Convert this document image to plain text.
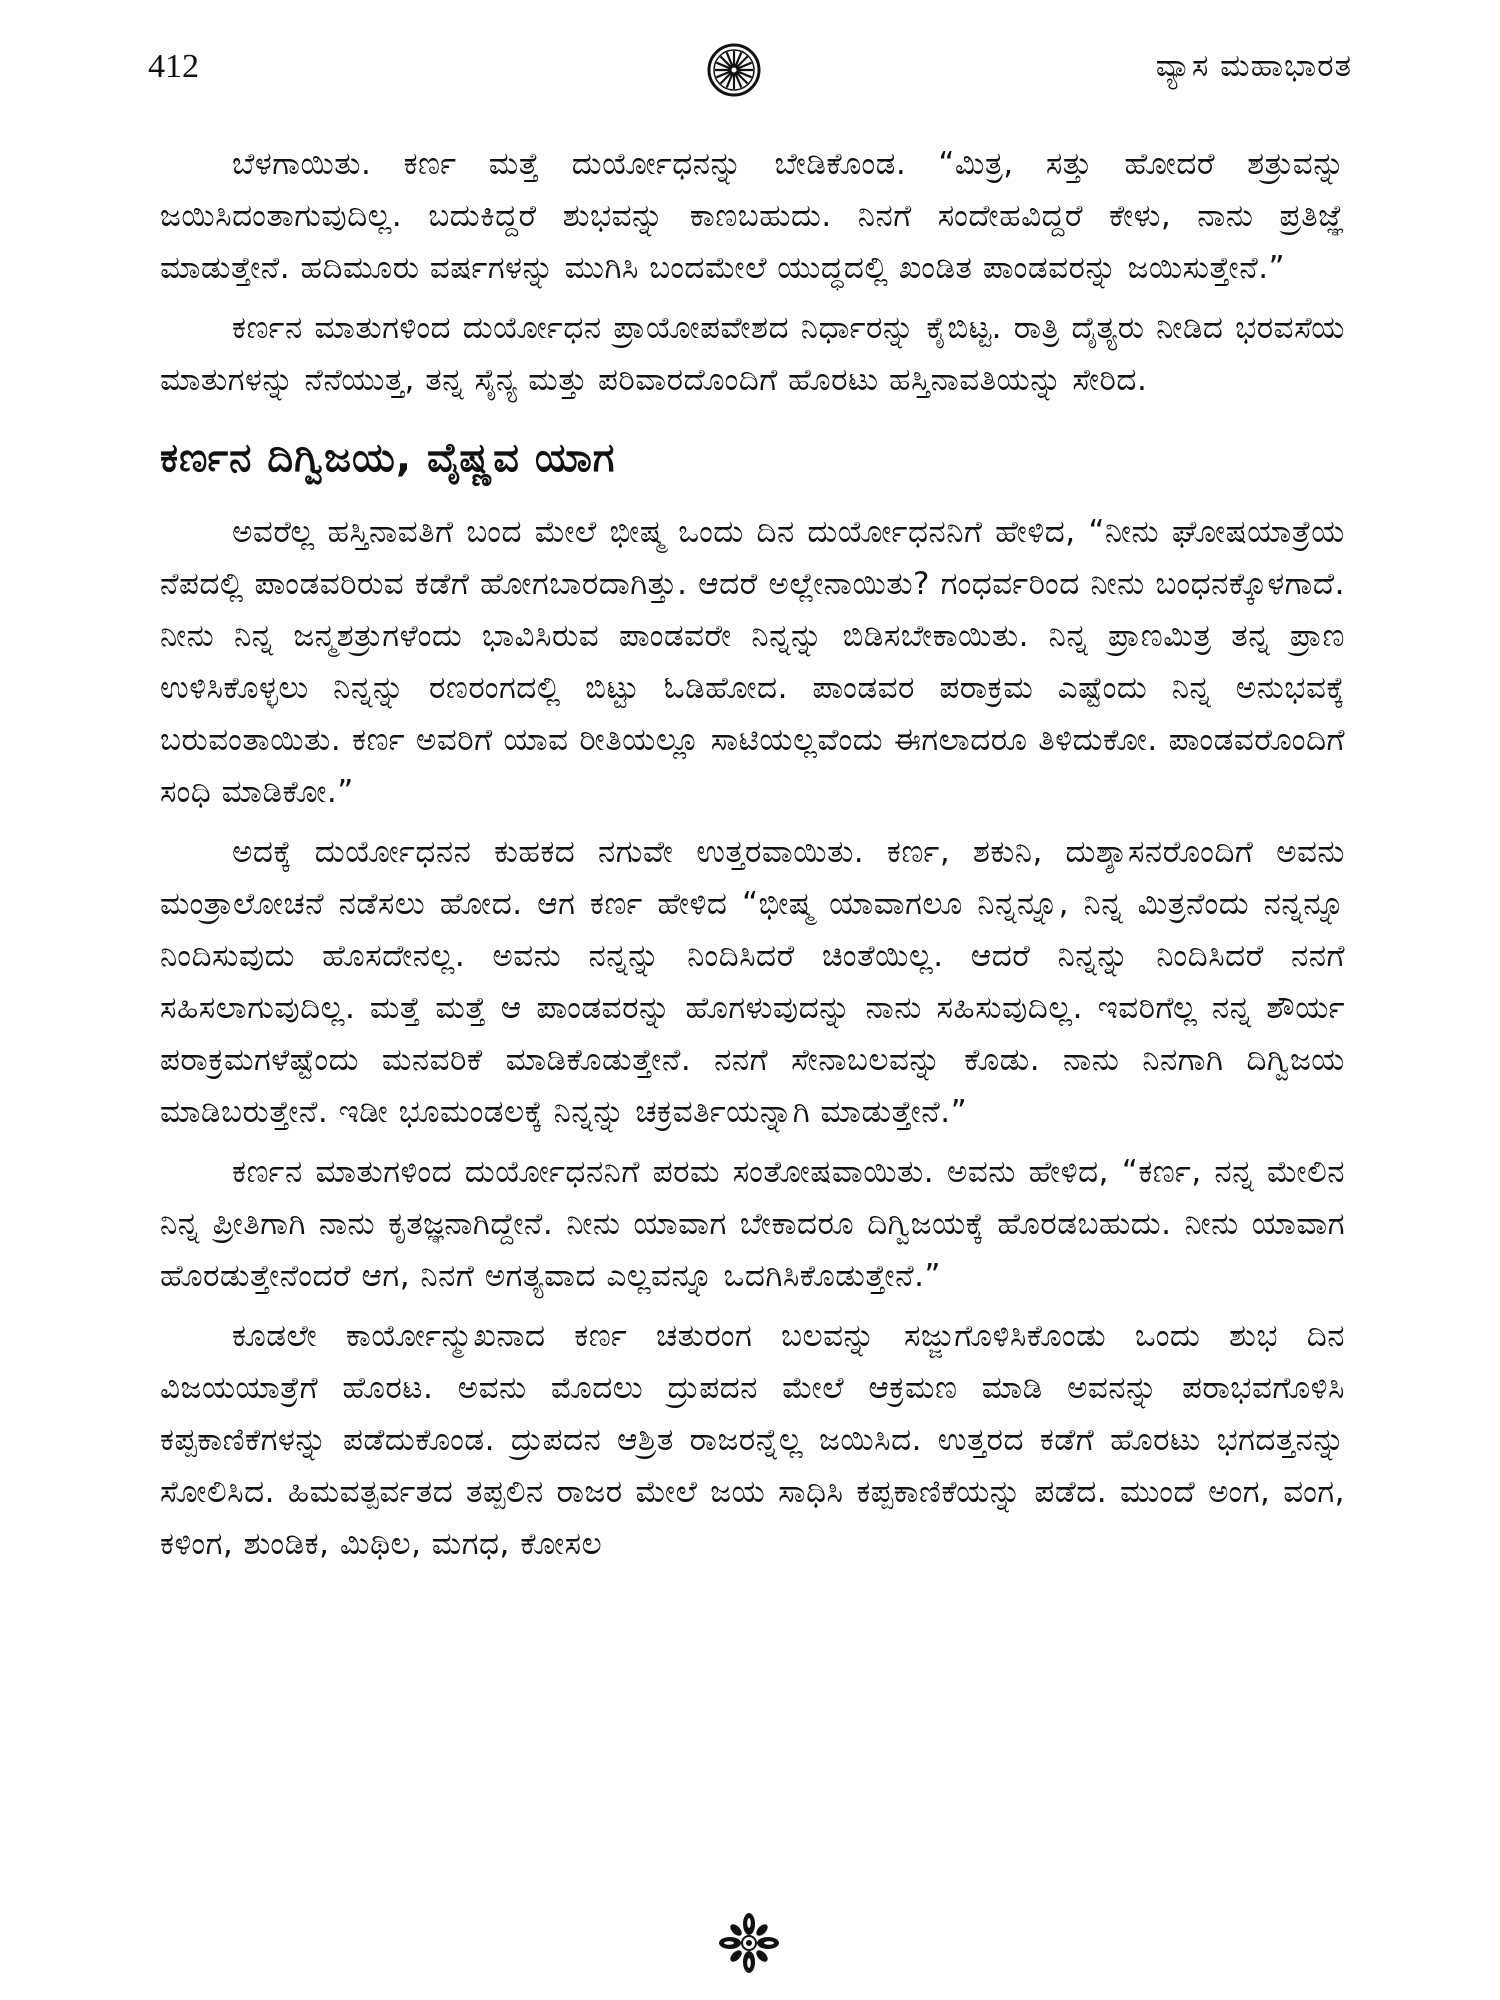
412	ವ್ಯಾಸ ಮಹಾಭಾರತ

ಬೆಳಗಾಯಿತು. ಕರ್ಣ ಮತ್ತೆ ದುರ್ಯೋಧನನ್ನು ಬೇಡಿಕೊಂಡ. “ಮಿತ್ರ, ಸತ್ತು ಹೋದರೆ ಶತ್ರುವನ್ನು ಜಯಿಸಿದಂತಾಗುವುದಿಲ್ಲ. ಬದುಕಿದ್ದರೆ ಶುಭವನ್ನು ಕಾಣಬಹುದು. ನಿನಗೆ ಸಂದೇಹವಿದ್ದರೆ ಕೇಳು, ನಾನು ಪ್ರತಿಜ್ಞೆ ಮಾಡುತ್ತೇನೆ. ಹದಿಮೂರು ವರ್ಷಗಳನ್ನು ಮುಗಿಸಿ ಬಂದಮೇಲೆ ಯುದ್ಧದಲ್ಲಿ ಖಂಡಿತ ಪಾಂಡವರನ್ನು ಜಯಿಸುತ್ತೇನೆ.”

ಕರ್ಣನ ಮಾತುಗಳಿಂದ ದುರ್ಯೋಧನ ಪ್ರಾಯೋಪವೇಶದ ನಿರ್ಧಾರನ್ನು ಕೈಬಿಟ್ಟ. ರಾತ್ರಿ ದೈತ್ಯರು ನೀಡಿದ ಭರವಸೆಯ ಮಾತುಗಳನ್ನು ನೆನೆಯುತ್ತ, ತನ್ನ ಸೈನ್ಯ ಮತ್ತು ಪರಿವಾರದೊಂದಿಗೆ ಹೊರಟು ಹಸ್ತಿನಾವತಿಯನ್ನು ಸೇರಿದ.

ಕರ್ಣನ ದಿಗ್ವಿಜಯ, ವೈಷ್ಣವ ಯಾಗ

ಅವರೆಲ್ಲ ಹಸ್ತಿನಾವತಿಗೆ ಬಂದ ಮೇಲೆ ಭೀಷ್ಮ ಒಂದು ದಿನ ದುರ್ಯೋಧನನಿಗೆ ಹೇಳಿದ, “ನೀನು ಘೋಷಯಾತ್ರೆಯ ನೆಪದಲ್ಲಿ ಪಾಂಡವರಿರುವ ಕಡೆಗೆ ಹೋಗಬಾರದಾಗಿತ್ತು. ಆದರೆ ಅಲ್ಲೇನಾಯಿತು? ಗಂಧರ್ವರಿಂದ ನೀನು ಬಂಧನಕ್ಕೊಳಗಾದೆ. ನೀನು ನಿನ್ನ ಜನ್ಮಶತ್ರುಗಳೆಂದು ಭಾವಿಸಿರುವ ಪಾಂಡವರೇ ನಿನ್ನನ್ನು ಬಿಡಿಸಬೇಕಾಯಿತು. ನಿನ್ನ ಪ್ರಾಣಮಿತ್ರ ತನ್ನ ಪ್ರಾಣ ಉಳಿಸಿಕೊಳ್ಳಲು ನಿನ್ನನ್ನು ರಣರಂಗದಲ್ಲಿ ಬಿಟ್ಟು ಓಡಿಹೋದ. ಪಾಂಡವರ ಪರಾಕ್ರಮ ಎಷ್ಟೆಂದು ನಿನ್ನ ಅನುಭವಕ್ಕೆ ಬರುವಂತಾಯಿತು. ಕರ್ಣ ಅವರಿಗೆ ಯಾವ ರೀತಿಯಲ್ಲೂ ಸಾಟಿಯಲ್ಲವೆಂದು ಈಗಲಾದರೂ ತಿಳಿದುಕೋ. ಪಾಂಡವರೊಂದಿಗೆ ಸಂಧಿ ಮಾಡಿಕೋ.”

ಅದಕ್ಕೆ ದುರ್ಯೋಧನನ ಕುಹಕದ ನಗುವೇ ಉತ್ತರವಾಯಿತು. ಕರ್ಣ, ಶಕುನಿ, ದುಶ್ಶಾಸನರೊಂದಿಗೆ ಅವನು ಮಂತ್ರಾಲೋಚನೆ ನಡೆಸಲು ಹೋದ. ಆಗ ಕರ್ಣ ಹೇಳಿದ “ಭೀಷ್ಮ ಯಾವಾಗಲೂ ನಿನ್ನನ್ನೂ, ನಿನ್ನ ಮಿತ್ರನೆಂದು ನನ್ನನ್ನೂ ನಿಂದಿಸುವುದು ಹೊಸದೇನಲ್ಲ. ಅವನು ನನ್ನನ್ನು ನಿಂದಿಸಿದರೆ ಚಿಂತೆಯಿಲ್ಲ. ಆದರೆ ನಿನ್ನನ್ನು ನಿಂದಿಸಿದರೆ ನನಗೆ ಸಹಿಸಲಾಗುವುದಿಲ್ಲ. ಮತ್ತೆ ಮತ್ತೆ ಆ ಪಾಂಡವರನ್ನು ಹೊಗಳುವುದನ್ನು ನಾನು ಸಹಿಸುವುದಿಲ್ಲ. ಇವರಿಗೆಲ್ಲ ನನ್ನ ಶೌರ್ಯ ಪರಾಕ್ರಮಗಳೆಷ್ಟೆಂದು ಮನವರಿಕೆ ಮಾಡಿಕೊಡುತ್ತೇನೆ. ನನಗೆ ಸೇನಾಬಲವನ್ನು ಕೊಡು. ನಾನು ನಿನಗಾಗಿ ದಿಗ್ವಿಜಯ ಮಾಡಿಬರುತ್ತೇನೆ. ಇಡೀ ಭೂಮಂಡಲಕ್ಕೆ ನಿನ್ನನ್ನು ಚಕ್ರವರ್ತಿಯನ್ನಾಗಿ ಮಾಡುತ್ತೇನೆ.”

ಕರ್ಣನ ಮಾತುಗಳಿಂದ ದುರ್ಯೋಧನನಿಗೆ ಪರಮ ಸಂತೋಷವಾಯಿತು. ಅವನು ಹೇಳಿದ, “ಕರ್ಣ, ನನ್ನ ಮೇಲಿನ ನಿನ್ನ ಪ್ರೀತಿಗಾಗಿ ನಾನು ಕೃತಜ್ಞನಾಗಿದ್ದೇನೆ. ನೀನು ಯಾವಾಗ ಬೇಕಾದರೂ ದಿಗ್ವಿಜಯಕ್ಕೆ ಹೊರಡಬಹುದು. ನೀನು ಯಾವಾಗ ಹೊರಡುತ್ತೇನೆಂದರೆ ಆಗ, ನಿನಗೆ ಅಗತ್ಯವಾದ ಎಲ್ಲವನ್ನೂ ಒದಗಿಸಿಕೊಡುತ್ತೇನೆ.”

ಕೂಡಲೇ ಕಾರ್ಯೋನ್ಮುಖನಾದ ಕರ್ಣ ಚತುರಂಗ ಬಲವನ್ನು ಸಜ್ಜುಗೊಳಿಸಿಕೊಂಡು ಒಂದು ಶುಭ ದಿನ ವಿಜಯಯಾತ್ರೆಗೆ ಹೊರಟ. ಅವನು ಮೊದಲು ದ್ರುಪದನ ಮೇಲೆ ಆಕ್ರಮಣ ಮಾಡಿ ಅವನನ್ನು ಪರಾಭವಗೊಳಿಸಿ ಕಪ್ಪಕಾಣಿಕೆಗಳನ್ನು ಪಡೆದುಕೊಂಡ. ದ್ರುಪದನ ಆಶ್ರಿತ ರಾಜರನ್ನೆಲ್ಲ ಜಯಿಸಿದ. ಉತ್ತರದ ಕಡೆಗೆ ಹೊರಟು ಭಗದತ್ತನನ್ನು ಸೋಲಿಸಿದ. ಹಿಮವತ್ಪರ್ವತದ ತಪ್ಪಲಿನ ರಾಜರ ಮೇಲೆ ಜಯ ಸಾಧಿಸಿ ಕಪ್ಪಕಾಣಿಕೆಯನ್ನು ಪಡೆದ. ಮುಂದೆ ಅಂಗ, ವಂಗ, ಕಳಿಂಗ, ಶುಂಡಿಕ, ಮಿಥಿಲ, ಮಗಧ, ಕೋಸಲ
